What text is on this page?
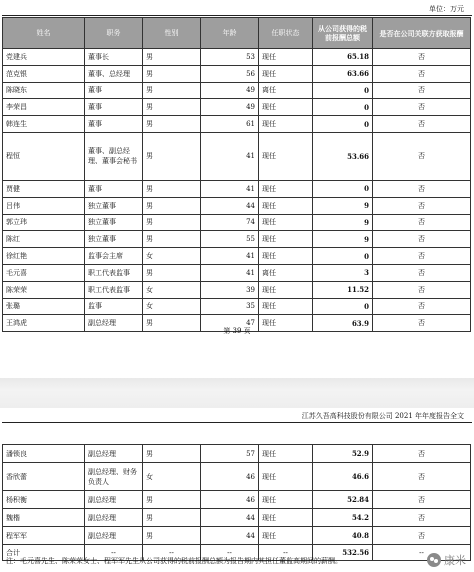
单位：万元
姓名	职务	性别	年龄	任职状态	从公司获得的税前报酬总额	是否在公司关联方获取报酬
党建兵	董事长	男	53	现任	65.18	否
范克银	董事、总经理	男	56	现任	63.66	否
陈晓东	董事	男	49	离任	0	否
李荣昌	董事	男	49	现任	0	否
韩连生	董事	男	61	现任	0	否
程恒	董事、副总经理、董事会秘书	男	41	现任	53.66	否
贾健	董事	男	41	现任	0	否
吕伟	独立董事	男	44	现任	9	否
郭立玮	独立董事	男	74	现任	9	否
陈红	独立董事	男	55	现任	9	否
徐红艳	监事会主席	女	41	现任	0	否
毛元喜	职工代表监事	男	41	离任	3	否
陈荣荣	职工代表监事	女	39	现任	11.52	否
张璐	监事	女	35	现任	0	否
王鸿虎	副总经理	男	47	现任	63.9	否
第 39 页
江苏久吾高科技股份有限公司 2021 年年度报告全文
潘锁良	副总经理	男	57	现任	52.9	否
香欣蕾	副总经理、财务负责人	女	46	现任	46.6	否
杨积衡	副总经理	男	46	现任	52.84	否
魏楷	副总经理	男	44	现任	54.2	否
程军军	副总经理	男	44	现任	40.8	否
合计	--	--	--	--	532.56	--
注：毛元喜先生、陈荣荣女士、程军军先生从公司获得的税前报酬总额为报告期内其担任董监高期间的薪酬。	康米
